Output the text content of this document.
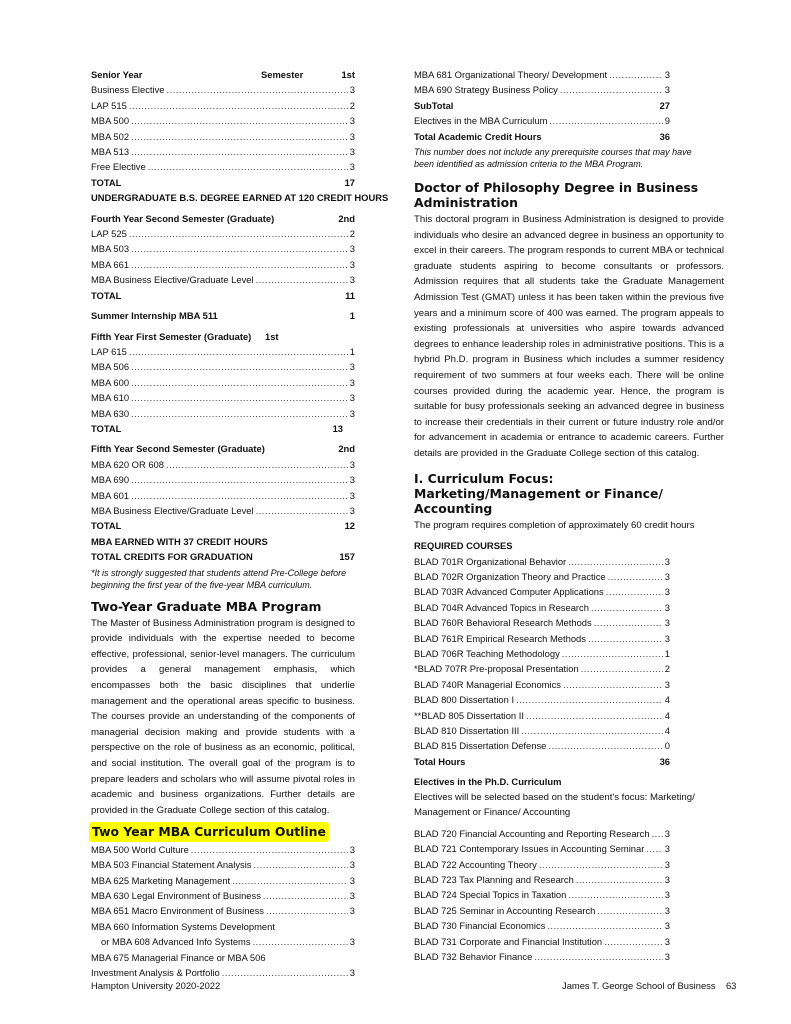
Senior Year	Semester	1st
Business Elective .....	3
LAP 515 .....	2
MBA 500 .....	3
MBA 502 .....	3
MBA 513 .....	3
Free Elective .....	3
TOTAL	17
UNDERGRADUATE B.S. DEGREE EARNED AT 120 CREDIT HOURS
Fourth Year Second Semester (Graduate)	2nd
LAP 525 .....	2
MBA 503 .....	3
MBA 661 .....	3
MBA Business Elective/Graduate Level .....	3
TOTAL	11
Summer Internship MBA 511	1
Fifth Year First Semester (Graduate)	1st
LAP 615 .....	1
MBA 506 .....	3
MBA 600 .....	3
MBA 610 .....	3
MBA 630 .....	3
TOTAL	13
Fifth Year Second Semester (Graduate)	2nd
MBA 620 OR 608 .....	3
MBA 690 .....	3
MBA 601 .....	3
MBA Business Elective/Graduate Level .....	3
TOTAL	12
MBA EARNED WITH 37 CREDIT HOURS
TOTAL CREDITS FOR GRADUATION	157
*It is strongly suggested that students attend Pre-College before beginning the first year of the five-year MBA curriculum.
Two-Year Graduate MBA Program
The Master of Business Administration program is designed to provide individuals with the expertise needed to become effective, professional, senior-level managers. The curriculum provides a general management emphasis, which encompasses both the basic disciplines that underlie management and the operational areas specific to business. The courses provide an understanding of the components of managerial decision making and provide students with a perspective on the role of business as an economic, political, and social institution. The overall goal of the program is to prepare leaders and scholars who will assume pivotal roles in academic and business organizations. Further details are provided in the Graduate College section of this catalog.
Two Year MBA Curriculum Outline
MBA 500 World Culture .....	3
MBA 503 Financial Statement Analysis .....	3
MBA 625 Marketing Management .....	3
MBA 630 Legal Environment of Business .....	3
MBA 651 Macro Environment of Business .....	3
MBA 660 Information Systems Development
or MBA 608 Advanced Info Systems .....	3
MBA 675 Managerial Finance or MBA 506
Investment Analysis & Portfolio .....	3
MBA 681 Organizational Theory/ Development .....	3
MBA 690 Strategy Business Policy .....	3
SubTotal	27
Electives in the MBA Curriculum .....	9
Total Academic Credit Hours	36
This number does not include any prerequisite courses that may have been identified as admission criteria to the MBA Program.
Doctor of Philosophy Degree in Business Administration
This doctoral program in Business Administration is designed to provide individuals who desire an advanced degree in business an opportunity to excel in their careers. The program responds to current MBA or technical graduate students aspiring to become consultants or professors. Admission requires that all students take the Graduate Management Admission Test (GMAT) unless it has been taken within the previous five years and a minimum score of 400 was earned. The program appeals to existing professionals at universities who aspire towards advanced degrees to enhance leadership roles in administrative positions. This is a hybrid Ph.D. program in Business which includes a summer residency requirement of two summers at four weeks each. There will be online courses provided during the academic year. Hence, the program is suitable for busy professionals seeking an advanced degree in business to increase their credentials in their current or future industry role and/or for advancement in academia or entrance to academic careers. Further details are provided in the Graduate College section of this catalog.
I. Curriculum Focus: Marketing/Management or Finance/ Accounting
The program requires completion of approximately 60 credit hours
REQUIRED COURSES
BLAD 701R Organizational Behavior .....	3
BLAD 702R Organization Theory and Practice .....	3
BLAD 703R Advanced Computer Applications .....	3
BLAD 704R Advanced Topics in Research .....	3
BLAD 760R Behavioral Research Methods .....	3
BLAD 761R Empirical Research Methods .....	3
BLAD 706R Teaching Methodology .....	1
*BLAD 707R Pre-proposal Presentation .....	2
BLAD 740R Managerial Economics .....	3
BLAD 800 Dissertation I .....	4
**BLAD 805 Dissertation II .....	4
BLAD 810 Dissertation III .....	4
BLAD 815 Dissertation Defense .....	0
Total Hours	36
Electives in the Ph.D. Curriculum
Electives will be selected based on the student's focus: Marketing/ Management or Finance/ Accounting
BLAD 720 Financial Accounting and Reporting Research ..... 3
BLAD 721 Contemporary Issues in Accounting Seminar ..... 3
BLAD 722 Accounting Theory .....	3
BLAD 723 Tax Planning and Research .....	3
BLAD 724 Special Topics in Taxation .....	3
BLAD 725 Seminar in Accounting Research .....	3
BLAD 730 Financial Economics .....	3
BLAD 731 Corporate and Financial Institution .....	3
BLAD 732 Behavior Finance .....	3
Hampton University 2020-2022	James T. George School of Business    63
